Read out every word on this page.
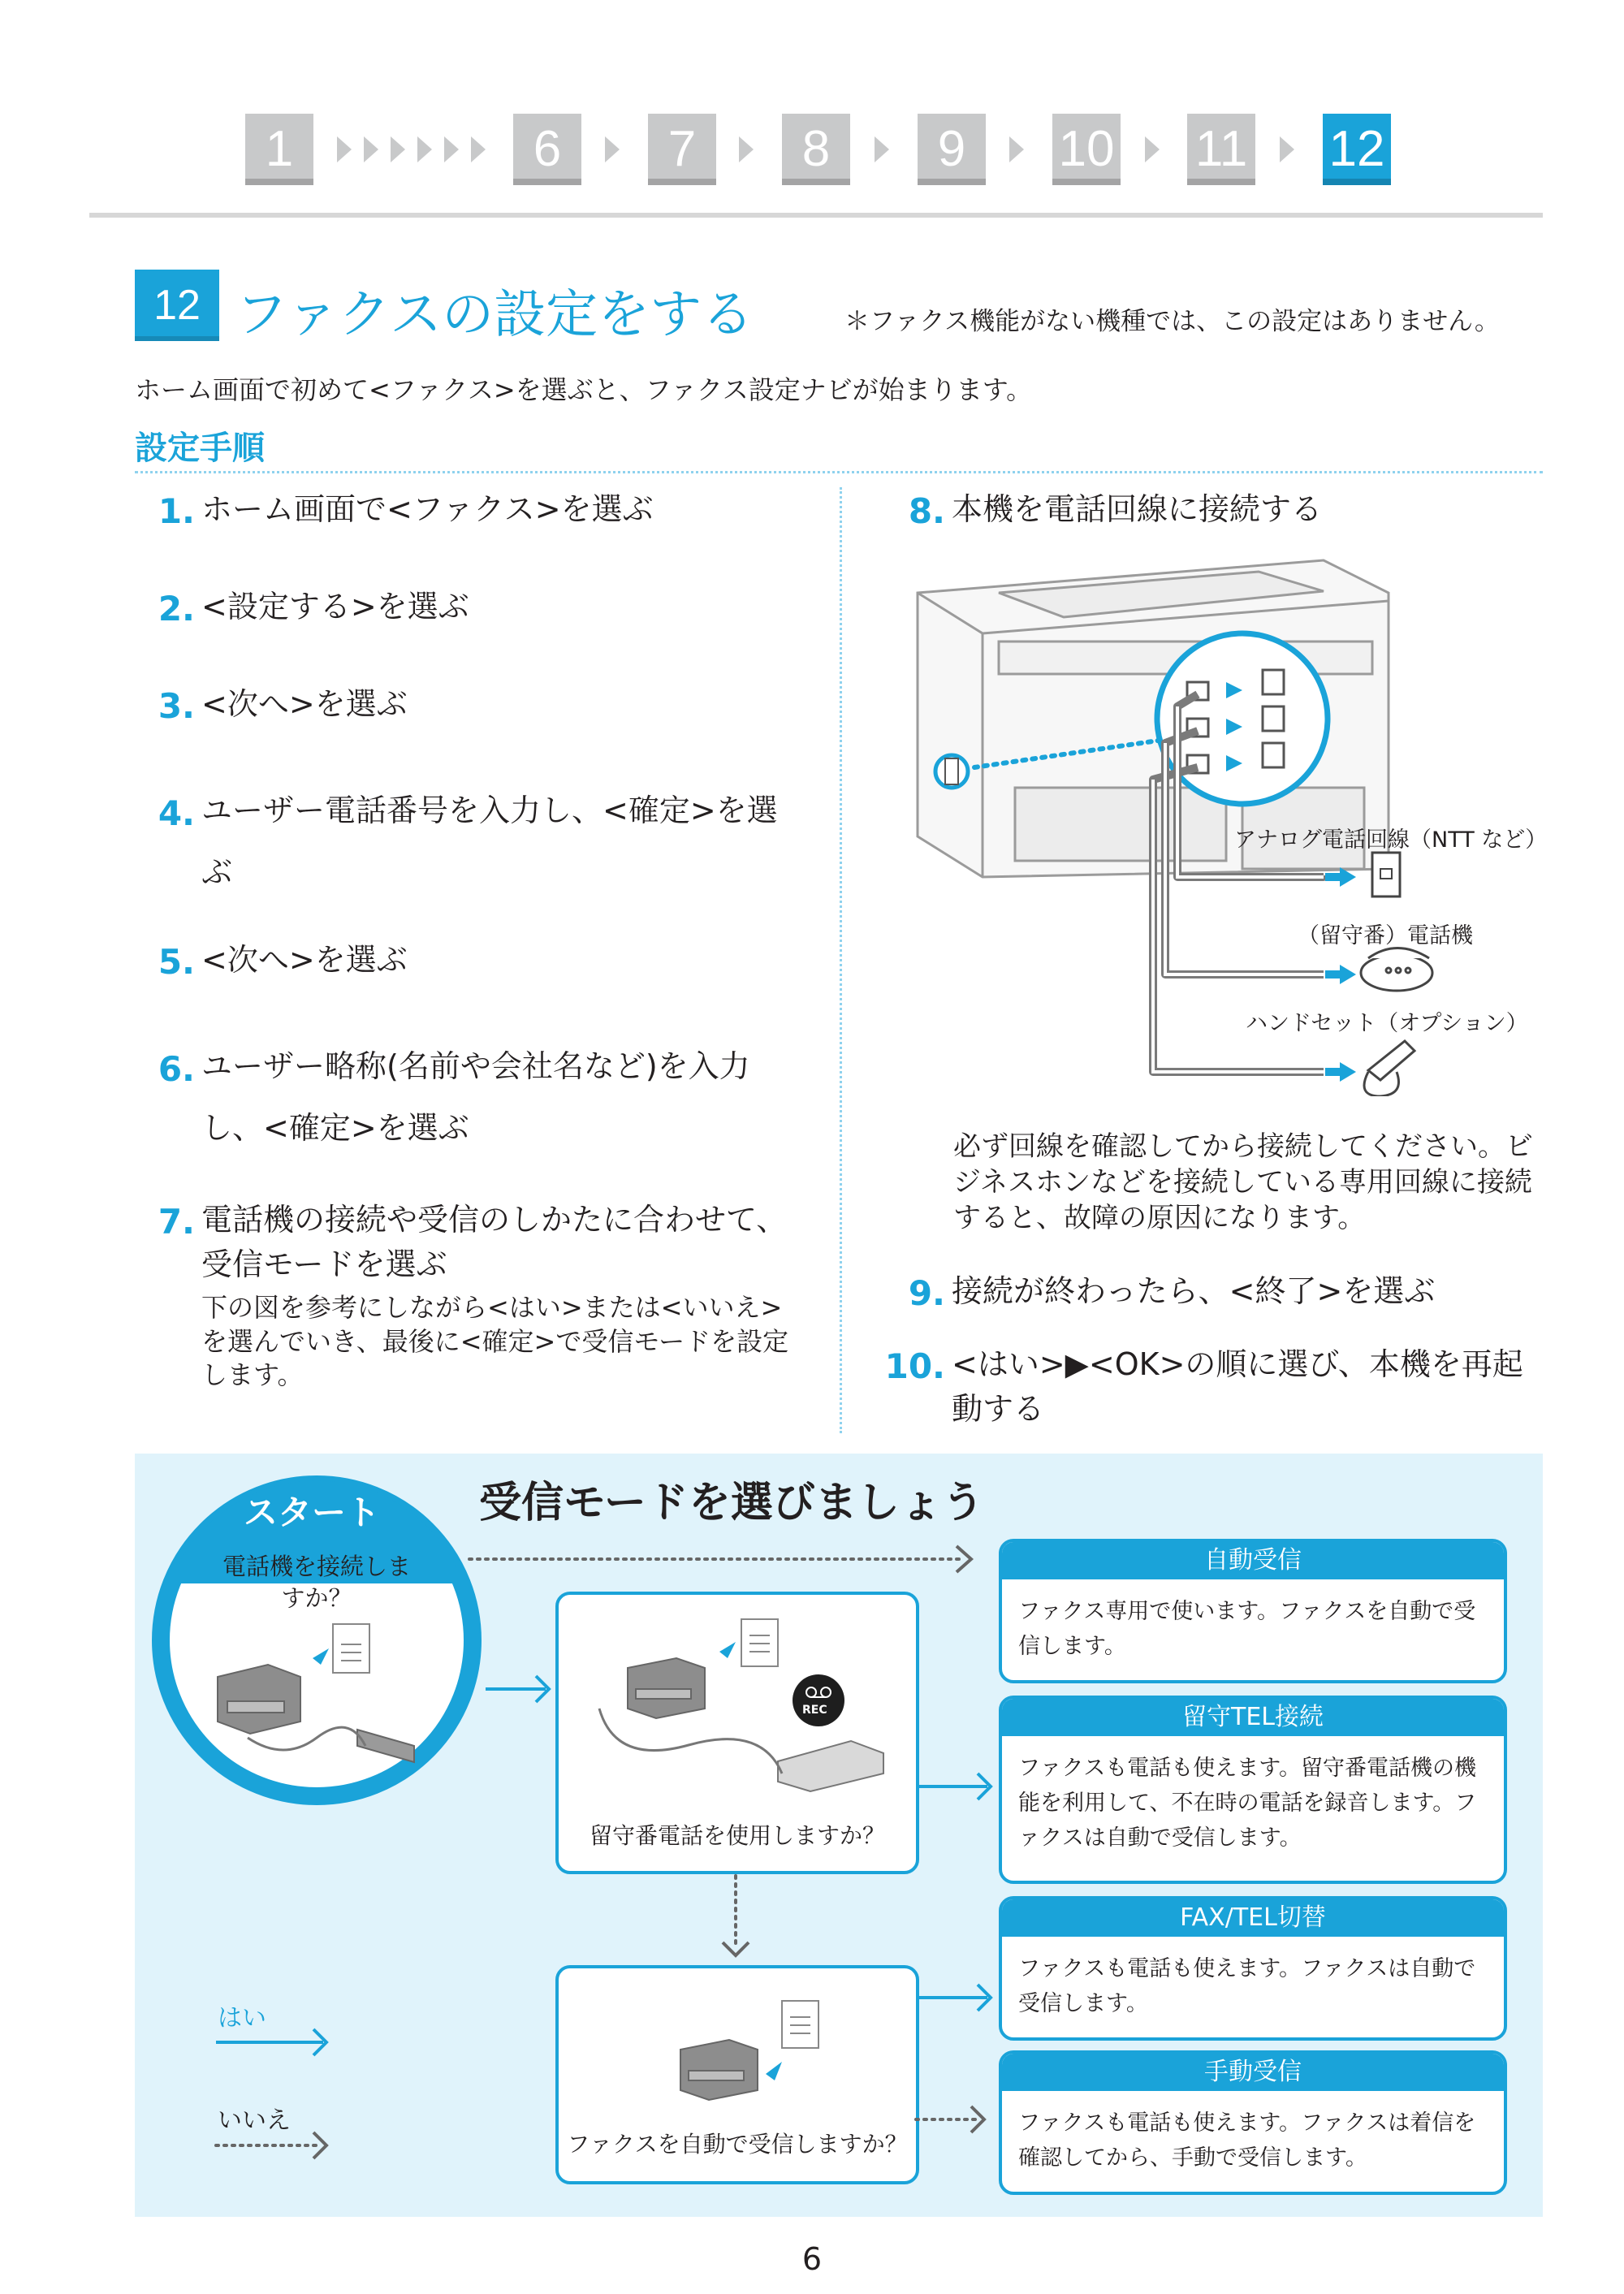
1	6	7	8	9	10 11 12
12 ファクスの設定をする	＊ファクス機能がない機種では、この設定はありません。
ホーム画面で初めて<ファクス>を選ぶと、ファクス設定ナビが始まります。
設定手順
1. ホーム画面で<ファクス>を選ぶ
2. <設定する>を選ぶ
3. <次へ>を選ぶ
4. ユーザー電話番号を入力し、<確定>を選ぶ
5. <次へ>を選ぶ
6. ユーザー略称(名前や会社名など)を入力し、<確定>を選ぶ
7. 電話機の接続や受信のしかたに合わせて、受信モードを選ぶ
下の図を参考にしながら<はい>または<いいえ>を選んでいき、最後に<確定>で受信モードを設定します。
8. 本機を電話回線に接続する
アナログ電話回線（NTT など）
（留守番）電話機
ハンドセット（オプション）
必ず回線を確認してから接続してください。ビジネスホンなどを接続している専用回線に接続すると、故障の原因になります。
9. 接続が終わったら、<終了>を選ぶ
10. <はい>▶<OK>の順に選び、本機を再起動する
受信モードを選びましょう
スタート
電話機を接続しますか？
REC
留守番電話を使用しますか？
ファクスを自動で受信しますか？
はい
いいえ
自動受信
ファクス専用で使います。ファクスを自動で受信します。
留守TEL接続
ファクスも電話も使えます。留守番電話機の機能を利用して、不在時の電話を録音します。ファクスは自動で受信します。
FAX/TEL切替
ファクスも電話も使えます。ファクスは自動で受信します。
手動受信
ファクスも電話も使えます。ファクスは着信を確認してから、手動で受信します。
6
